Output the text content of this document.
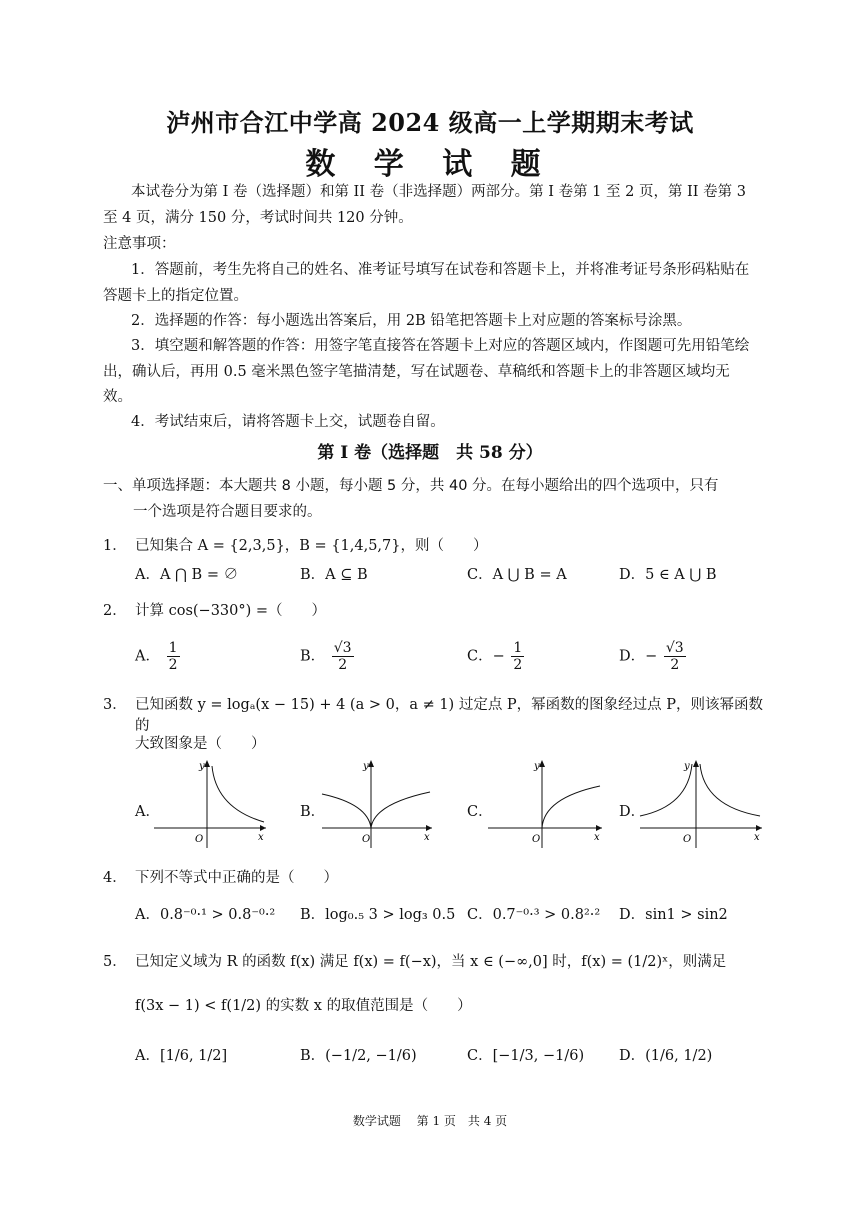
泸州市合江中学高 2024 级高一上学期期末考试
数 学 试 题
本试卷分为第 I 卷（选择题）和第 II 卷（非选择题）两部分。第 I 卷第 1 至 2 页，第 II 卷第 3 至 4 页，满分 150 分，考试时间共 120 分钟。
注意事项：
1．答题前，考生先将自己的姓名、准考证号填写在试卷和答题卡上，并将准考证号条形码粘贴在答题卡上的指定位置。
2．选择题的作答：每小题选出答案后，用 2B 铅笔把答题卡上对应题的答案标号涂黑。
3．填空题和解答题的作答：用签字笔直接答在答题卡上对应的答题区域内，作图题可先用铅笔绘出，确认后，再用 0.5 毫米黑色签字笔描清楚，写在试题卷、草稿纸和答题卡上的非答题区域均无效。
4．考试结束后，请将答题卡上交，试题卷自留。
第 I 卷（选择题　共 58 分）
一、单项选择题：本大题共 8 小题，每小题 5 分，共 40 分。在每小题给出的四个选项中，只有
一个选项是符合题目要求的。
1． 已知集合 A = {2,3,5}，B = {1,4,5,7}，则（　　）
A．A ⋂ B = ∅	B．A ⊆ B	C．A ⋃ B = A	D．5 ∈ A ⋃ B
2． 计算 cos(−330°) =（　　）
A． $\frac{1}{2}$	B． $\frac{√3}{2}$	C．− $\frac{1}{2}$	D．− $\frac{√3}{2}$
3． 已知函数 y = logₐ(x − 15) + 4 (a > 0，a ≠ 1) 过定点 P，幂函数的图象经过点 P，则该幂函数的
大致图象是（　　）
A．
y
x
O
B．
y
x
O
C．
y
x
O
D．
y
x
O
4． 下列不等式中正确的是（　　）
A．0.8⁻⁰·¹ > 0.8⁻⁰·² B．log₀.₅ 3 > log₃ 0.5 C．0.7⁻⁰·³ > 0.8²·² D．sin1 > sin2
5． 已知定义域为 R 的函数 f(x) 满足 f(x) = f(−x)，当 x ∈ (−∞,0] 时，f(x) = (1/2)ˣ，则满足
f(3x − 1) < f(1/2) 的实数 x 的取值范围是（　　）
A．[1/6, 1/2]	B．(−1/2, −1/6)	C．[−1/3, −1/6) D．(1/6, 1/2)
数学试题　 第 1 页　共 4 页
